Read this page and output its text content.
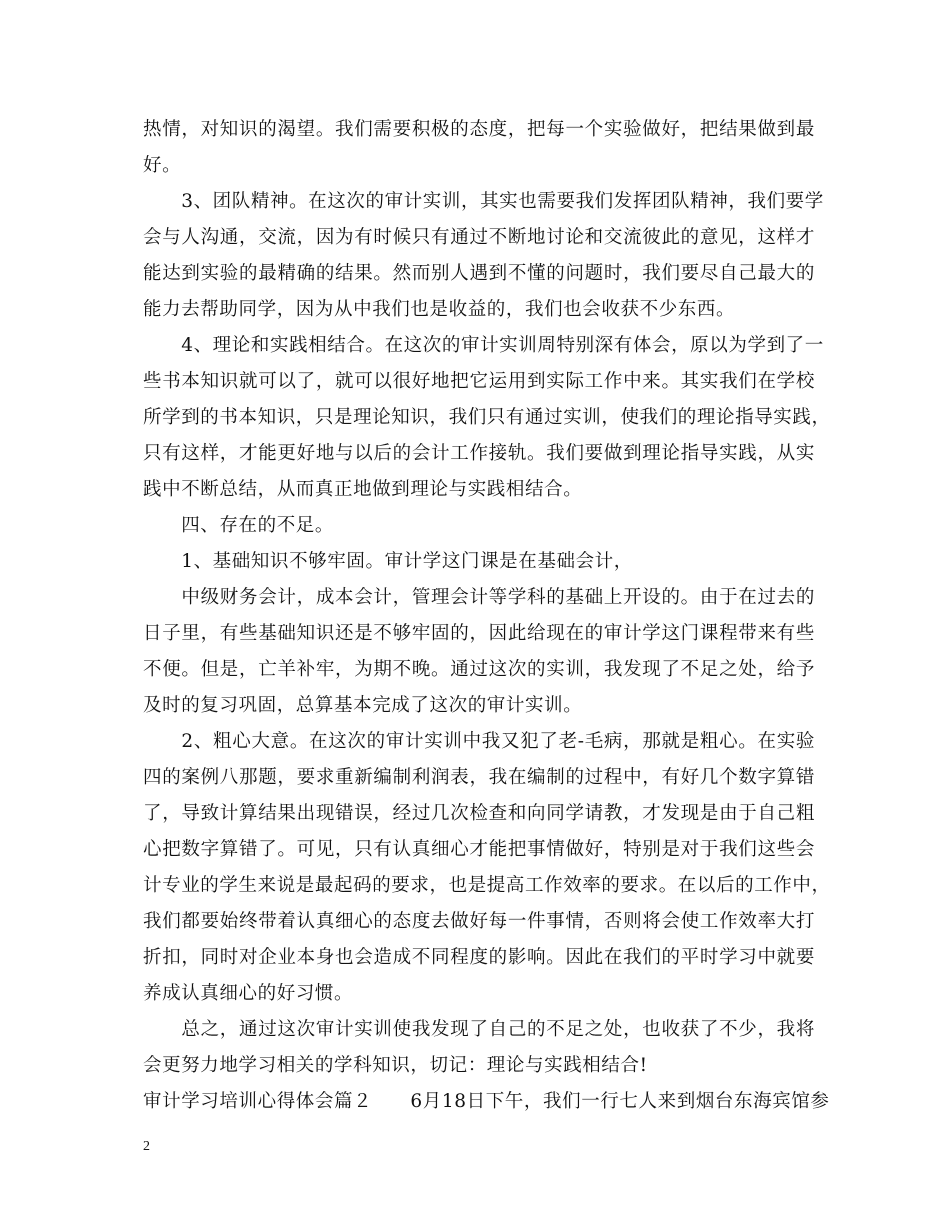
热情，对知识的渴望。我们需要积极的态度，把每一个实验做好，把结果做到最
好。
　　3、团队精神。在这次的审计实训，其实也需要我们发挥团队精神，我们要学
会与人沟通，交流，因为有时候只有通过不断地讨论和交流彼此的意见，这样才
能达到实验的最精确的结果。然而别人遇到不懂的问题时，我们要尽自己最大的
能力去帮助同学，因为从中我们也是收益的，我们也会收获不少东西。
　　4、理论和实践相结合。在这次的审计实训周特别深有体会，原以为学到了一
些书本知识就可以了，就可以很好地把它运用到实际工作中来。其实我们在学校
所学到的书本知识，只是理论知识，我们只有通过实训，使我们的理论指导实践，
只有这样，才能更好地与以后的会计工作接轨。我们要做到理论指导实践，从实
践中不断总结，从而真正地做到理论与实践相结合。
　　四、存在的不足。
　　1、基础知识不够牢固。审计学这门课是在基础会计，
　　中级财务会计，成本会计，管理会计等学科的基础上开设的。由于在过去的
日子里，有些基础知识还是不够牢固的，因此给现在的审计学这门课程带来有些
不便。但是，亡羊补牢，为期不晚。通过这次的实训，我发现了不足之处，给予
及时的复习巩固，总算基本完成了这次的审计实训。
　　2、粗心大意。在这次的审计实训中我又犯了老-毛病，那就是粗心。在实验
四的案例八那题，要求重新编制利润表，我在编制的过程中，有好几个数字算错
了，导致计算结果出现错误，经过几次检查和向同学请教，才发现是由于自己粗
心把数字算错了。可见，只有认真细心才能把事情做好，特别是对于我们这些会
计专业的学生来说是最起码的要求，也是提高工作效率的要求。在以后的工作中，
我们都要始终带着认真细心的态度去做好每一件事情，否则将会使工作效率大打
折扣，同时对企业本身也会造成不同程度的影响。因此在我们的平时学习中就要
养成认真细心的好习惯。
　　总之，通过这次审计实训使我发现了自己的不足之处，也收获了不少，我将
会更努力地学习相关的学科知识，切记：理论与实践相结合!
审计学习培训心得体会篇２　　6月18日下午，我们一行七人来到烟台东海宾馆参
2
